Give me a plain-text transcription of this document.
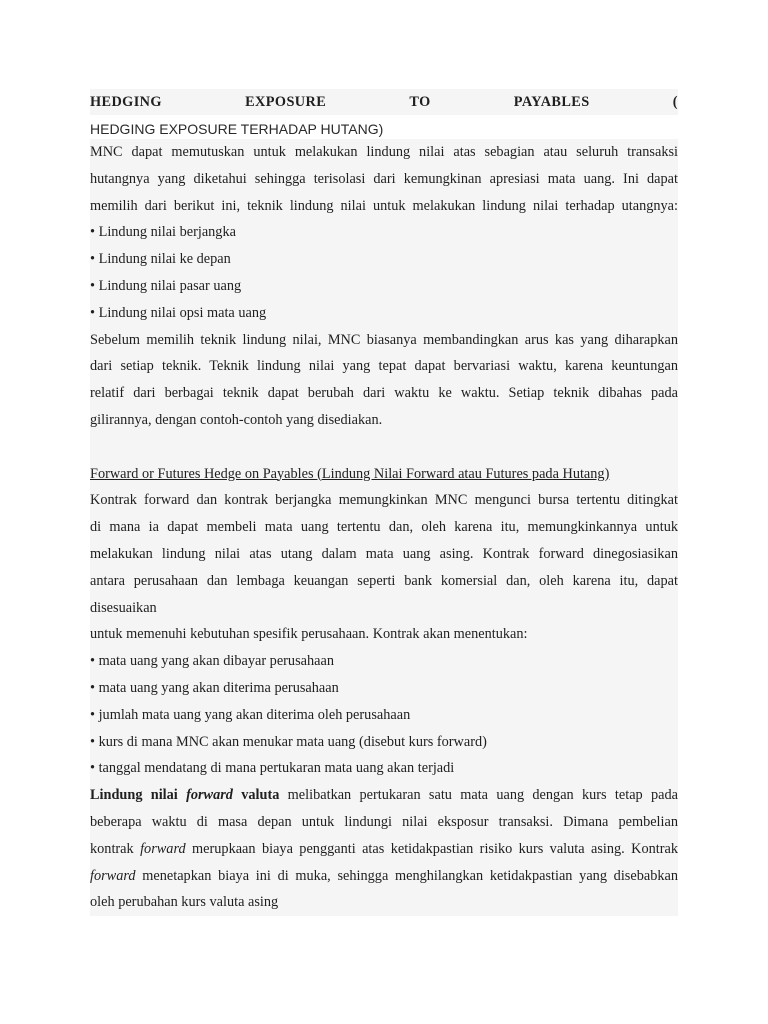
HEDGING	EXPOSURE	TO	PAYABLES	(
HEDGING EXPOSURE TERHADAP HUTANG)
MNC dapat memutuskan untuk melakukan lindung nilai atas sebagian atau seluruh transaksi
hutangnya yang diketahui sehingga terisolasi dari kemungkinan apresiasi mata uang. Ini dapat
memilih dari berikut ini, teknik lindung nilai untuk melakukan lindung nilai terhadap utangnya:
• Lindung nilai berjangka
• Lindung nilai ke depan
• Lindung nilai pasar uang
• Lindung nilai opsi mata uang
Sebelum memilih teknik lindung nilai, MNC biasanya membandingkan arus kas yang diharapkan
dari setiap teknik. Teknik lindung nilai yang tepat dapat bervariasi waktu, karena keuntungan
relatif dari berbagai teknik dapat berubah dari waktu ke waktu. Setiap teknik dibahas pada
gilirannya, dengan contoh-contoh yang disediakan.
Forward or Futures Hedge on Payables (Lindung Nilai Forward atau Futures pada Hutang)
Kontrak forward dan kontrak berjangka memungkinkan MNC mengunci bursa tertentu ditingkat
di mana ia dapat membeli mata uang tertentu dan, oleh karena itu, memungkinkannya untuk
melakukan lindung nilai atas utang dalam mata uang asing. Kontrak forward dinegosiasikan
antara perusahaan dan lembaga keuangan seperti bank komersial dan, oleh karena itu, dapat
disesuaikan
untuk memenuhi kebutuhan spesifik perusahaan. Kontrak akan menentukan:
• mata uang yang akan dibayar perusahaan
• mata uang yang akan diterima perusahaan
• jumlah mata uang yang akan diterima oleh perusahaan
• kurs di mana MNC akan menukar mata uang (disebut kurs forward)
• tanggal mendatang di mana pertukaran mata uang akan terjadi
Lindung nilai forward valuta melibatkan pertukaran satu mata uang dengan kurs tetap pada
beberapa waktu di masa depan untuk lindungi nilai eksposur transaksi. Dimana pembelian
kontrak forward merupkaan biaya pengganti atas ketidakpastian risiko kurs valuta asing. Kontrak
forward menetapkan biaya ini di muka, sehingga menghilangkan ketidakpastian yang disebabkan
oleh perubahan kurs valuta asing
